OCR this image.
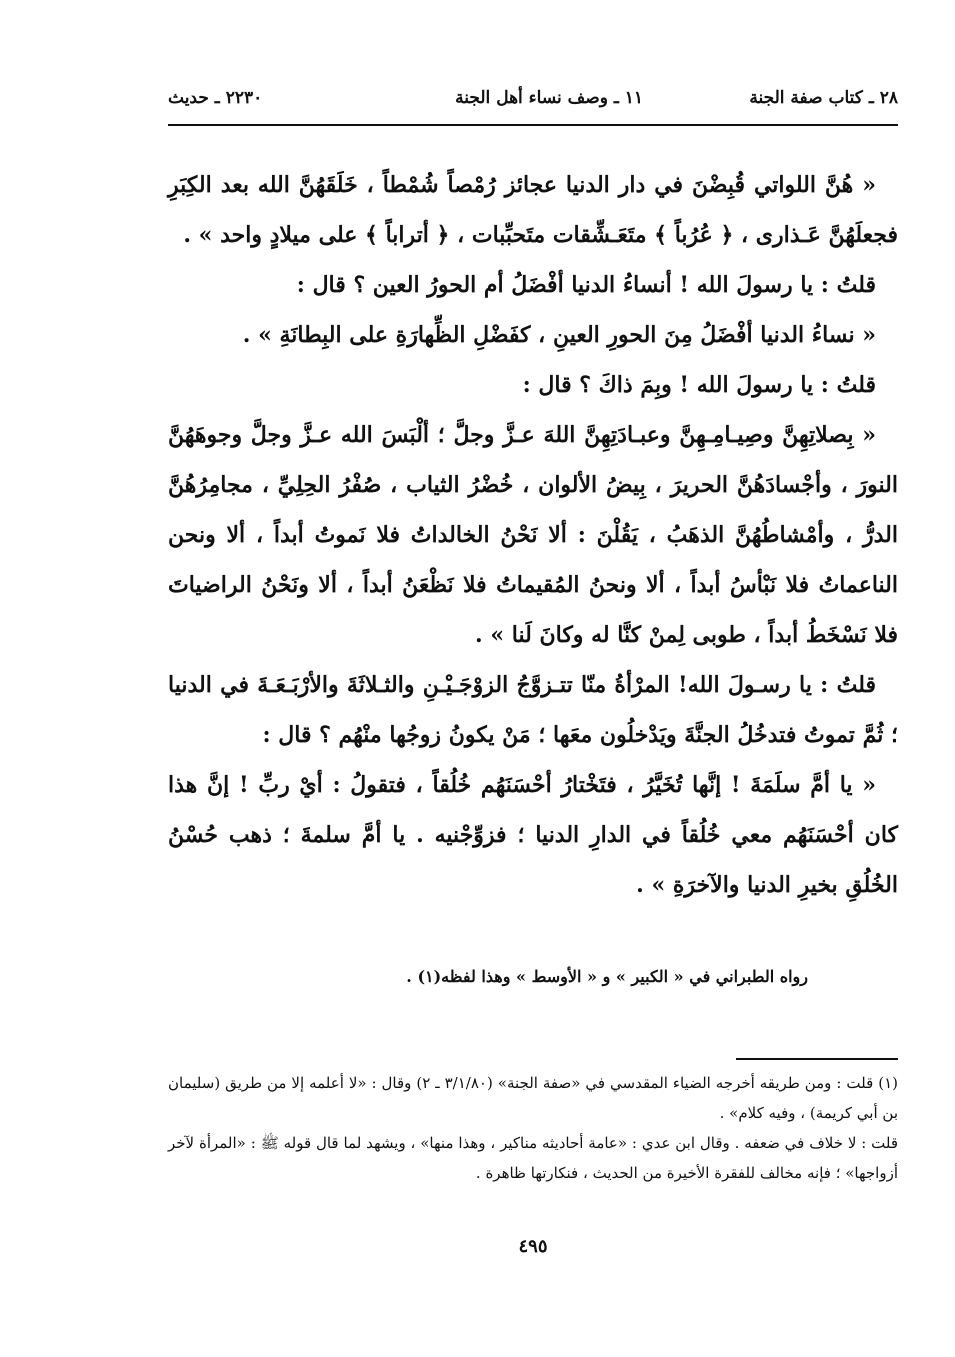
٢٨ ـ كتاب صفة الجنة
١١ ـ وصف نساء أهل الجنة
٢٢٣٠ ـ حديث

« هُنَّ اللواتي قُبِضْنَ في دار الدنيا عجائز رُمْصاً شُمْطاً ، خَلَقَهُنَّ الله بعد الكِبَرِ فجعلَهُنَّ عَـذارى ، ﴿ عُرُباً ﴾ متَعَـشِّقات متَحبِّبات ، ﴿ أتراباً ﴾ على ميلادٍ واحد » .

قلتُ : يا رسولَ الله ! أنساءُ الدنيا أفْضَلُ أم الحورُ العين ؟ قال :

« نساءُ الدنيا أفْضَلُ مِنَ الحورِ العينِ ، كفَضْلِ الظِّهارَةِ على البِطانَةِ » .

قلتُ : يا رسولَ الله ! وبِمَ ذاكَ ؟ قال :

« بِصلاتِهِنَّ وصِيـامِـهِنَّ وعبـادَتِهِنَّ اللهَ عـزَّ وجلَّ ؛ ألْبَسَ الله عـزَّ وجلَّ وجوهَهُنَّ النورَ ، وأجْسادَهُنَّ الحريرَ ، بِيضُ الألوان ، خُضْرُ الثياب ، صُفْرُ الحِلِيِّ ، مجامِرُهُنَّ الدرُّ ، وأمْشاطُهُنَّ الذهَبُ ، يَقُلْنَ : ألا نَحْنُ الخالداتُ فلا نَموتُ أبداً ، ألا ونحن الناعماتُ فلا نَبْأسُ أبداً ، ألا ونحنُ المُقيماتُ فلا نَظْعَنُ أبداً ، ألا ونَحْنُ الراضياتَ فلا نَسْخَطُ أبداً ، طوبى لِمنْ كنَّا له وكانَ لَنا » .

قلتُ : يا رسـولَ الله! المرْأةُ منّا تتـزوَّجُ الزوْجَـيْـنِ والثـلاثَةَ والأرْبَـعَـةَ في الدنيا ؛ ثُمَّ تموتُ فتدخُلُ الجنَّةَ ويَدْخلُون معَها ؛ مَنْ يكونُ زوجُها منْهُم ؟ قال :

« يا أمَّ سلَمَةَ ! إنَّها تُخَيَّرُ ، فتَخْتارُ أحْسَنَهُم خُلُقاً ، فتقولُ : أيْ ربِّ ! إنَّ هذا كان أحْسَنَهُم معي خُلُقاً في الدارِ الدنيا ؛ فزوِّجْنيه . يا أمَّ سلمةَ ؛ ذهب حُسْنُ الخُلُقِ بخيرِ الدنيا والآخرَةِ » .

رواه الطبراني في « الكبير » و « الأوسط » وهذا لفظه(١) .

(١) قلت : ومن طريقه أخرجه الضياء المقدسي في «صفة الجنة» (٣/١/٨٠ ـ ٢) وقال : «لا أعلمه إلا من طريق (سليمان بن أبي كريمة) ، وفيه كلام» .

قلت : لا خلاف في ضعفه . وقال ابن عدي : «عامة أحاديثه مناكير ، وهذا منها» ، ويشهد لما قال قوله ﷺ : «المرأة لآخر أزواجها» ؛ فإنه مخالف للفقرة الأخيرة من الحديث ، فنكارتها ظاهرة .

٤٩٥
